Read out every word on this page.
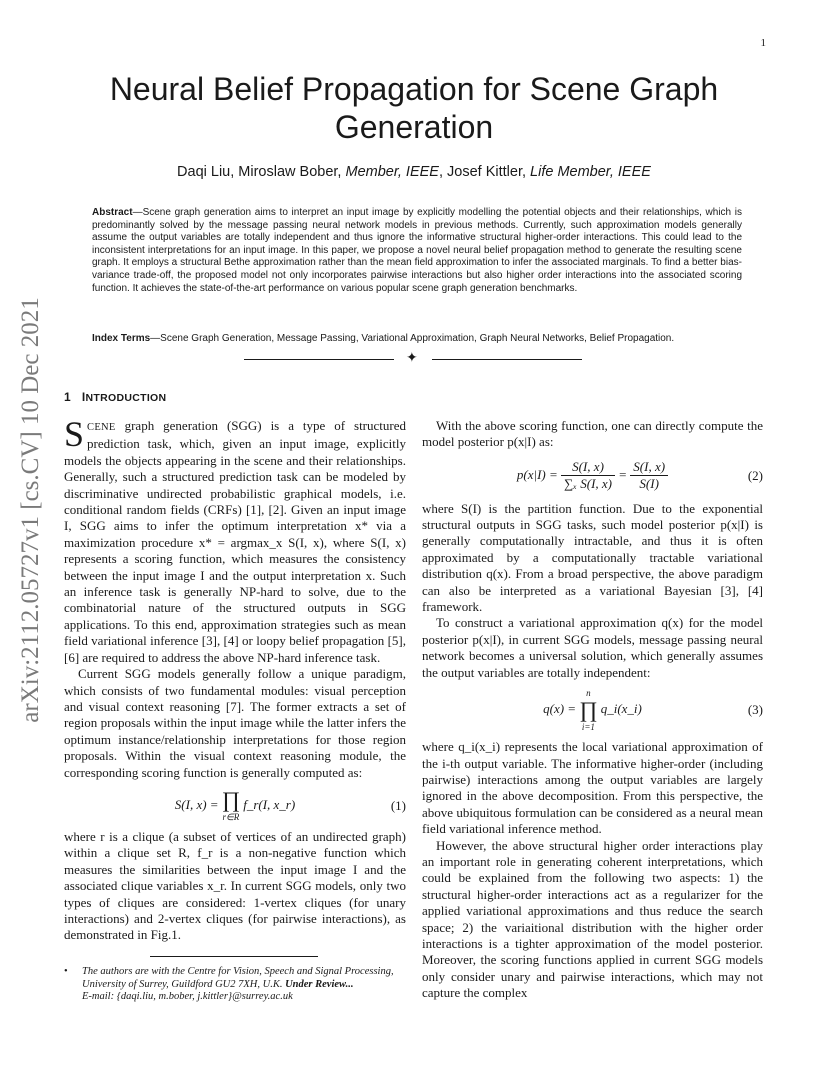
1
Neural Belief Propagation for Scene Graph Generation
Daqi Liu, Miroslaw Bober, Member, IEEE, Josef Kittler, Life Member, IEEE
Abstract—Scene graph generation aims to interpret an input image by explicitly modelling the potential objects and their relationships, which is predominantly solved by the message passing neural network models in previous methods. Currently, such approximation models generally assume the output variables are totally independent and thus ignore the informative structural higher-order interactions. This could lead to the inconsistent interpretations for an input image. In this paper, we propose a novel neural belief propagation method to generate the resulting scene graph. It employs a structural Bethe approximation rather than the mean field approximation to infer the associated marginals. To find a better bias-variance trade-off, the proposed model not only incorporates pairwise interactions but also higher order interactions into the associated scoring function. It achieves the state-of-the-art performance on various popular scene graph generation benchmarks.
Index Terms—Scene Graph Generation, Message Passing, Variational Approximation, Graph Neural Networks, Belief Propagation.
✦
arXiv:2112.05727v1 [cs.CV] 10 Dec 2021 1 INTRODUCTION

SCENE graph generation (SGG) is a type of structured prediction task, which, given an input image, explicitly models the objects appearing in the scene and their relationships. Generally, such a structured prediction task can be modeled by discriminative undirected probabilistic graphical models, i.e. conditional random fields (CRFs) [1], [2]. Given an input image I, SGG aims to infer the optimum interpretation x* via a maximization procedure x* = argmax_x S(I, x), where S(I, x) represents a scoring function, which measures the consistency between the input image I and the output interpretation x. Such an inference task is generally NP-hard to solve, due to the combinatorial nature of the structured outputs in SGG applications. To this end, approximation strategies such as mean field variational inference [3], [4] or loopy belief propagation [5], [6] are required to address the above NP-hard inference task.

Current SGG models generally follow a unique paradigm, which consists of two fundamental modules: visual perception and visual context reasoning [7]. The former extracts a set of region proposals within the input image while the latter infers the optimum instance/relationship interpretations for those region proposals. Within the visual context reasoning module, the corresponding scoring function is generally computed as:

S(I, x) = ∏
r∈R
f_r(I, x_r)	(1)

where r is a clique (a subset of vertices of an undirected graph) within a clique set R, f_r is a non-negative function which measures the similarities between the input image I and the associated clique variables x_r. In current SGG models, only two types of cliques are considered: 1-vertex cliques (for unary interactions) and 2-vertex cliques (for pairwise interactions), as demonstrated in Fig.1.

• The authors are with the Centre for Vision, Speech and Signal Processing, University of Surrey, Guildford GU2 7XH, U.K. Under Review...
E-mail: {daqi.liu, m.bober, j.kittler}@surrey.ac.uk

With the above scoring function, one can directly compute the model posterior p(x|I) as:

$p(x|I) = \frac{S(I, x)}{\text{∑ₓ S(I, x)}} = \frac{S(I, x)}{S(I)}$	(2)

where S(I) is the partition function. Due to the exponential structural outputs in SGG tasks, such model posterior p(x|I) is generally computationally intractable, and thus it is often approximated by a computationally tractable variational distribution q(x). From a broad perspective, the above paradigm can also be interpreted as a variational Bayesian [3], [4] framework.

To construct a variational approximation q(x) for the model posterior p(x|I), in current SGG models, message passing neural network becomes a universal solution, which generally assumes the output variables are totally independent:

q(x) =
n
∏
i=1
q_i(x_i)	(3)

where q_i(x_i) represents the local variational approximation of the i-th output variable. The informative higher-order (including pairwise) interactions among the output variables are largely ignored in the above decomposition. From this perspective, the above ubiquitous formulation can be considered as a neural mean field variational inference method.

However, the above structural higher order interactions play an important role in generating coherent interpretations, which could be explained from the following two aspects: 1) the structural higher-order interactions act as a regularizer for the applied variational approximations and thus reduce the search space; 2) the variaitional distribution with the higher order interactions is a tighter approximation of the model posterior. Moreover, the scoring functions applied in current SGG models only consider unary and pairwise interactions, which may not capture the complex
